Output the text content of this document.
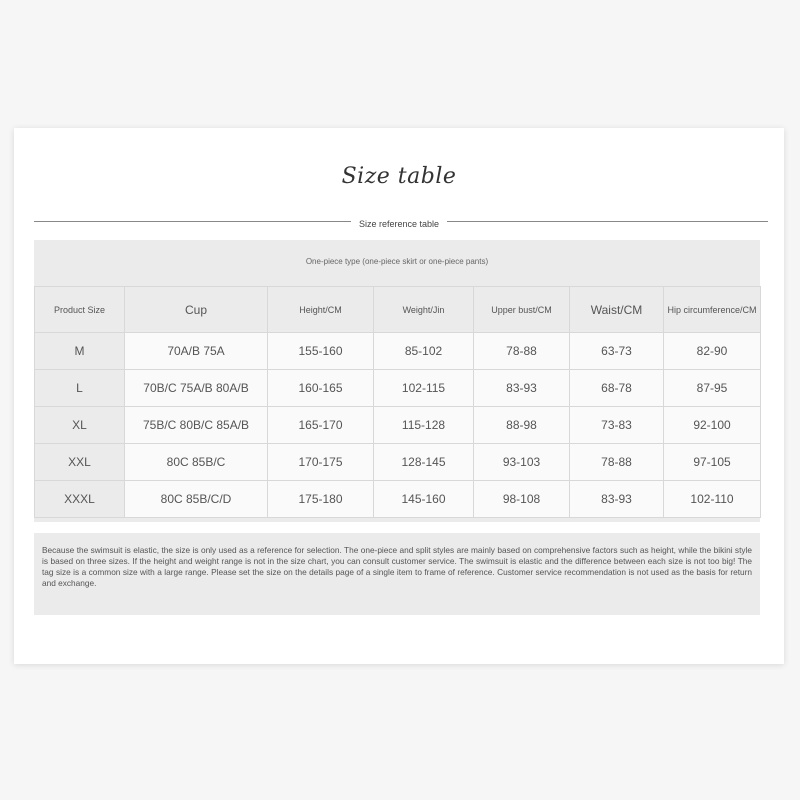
Size table
Size reference table
One-piece type (one-piece skirt or one-piece pants)
Product Size	Cup	Height/CM	Weight/Jin	Upper bust/CM	Waist/CM	Hip circumference/CM
M	70A/B 75A	155-160	85-102	78-88	63-73	82-90
L	70B/C 75A/B 80A/B	160-165	102-115	83-93	68-78	87-95
XL	75B/C 80B/C 85A/B	165-170	115-128	88-98	73-83	92-100
XXL	80C 85B/C	170-175	128-145	93-103	78-88	97-105
XXXL	80C 85B/C/D	175-180	145-160	98-108	83-93	102-110
Because the swimsuit is elastic, the size is only used as a reference for selection. The one-piece and split styles are mainly based on comprehensive factors such as height, while the bikini style is based on three sizes. If the height and weight range is not in the size chart, you can consult customer service. The swimsuit is elastic and the difference between each size is not too big! The tag size is a common size with a large range. Please set the size on the details page of a single item to frame of reference. Customer service recommendation is not used as the basis for return and exchange.
